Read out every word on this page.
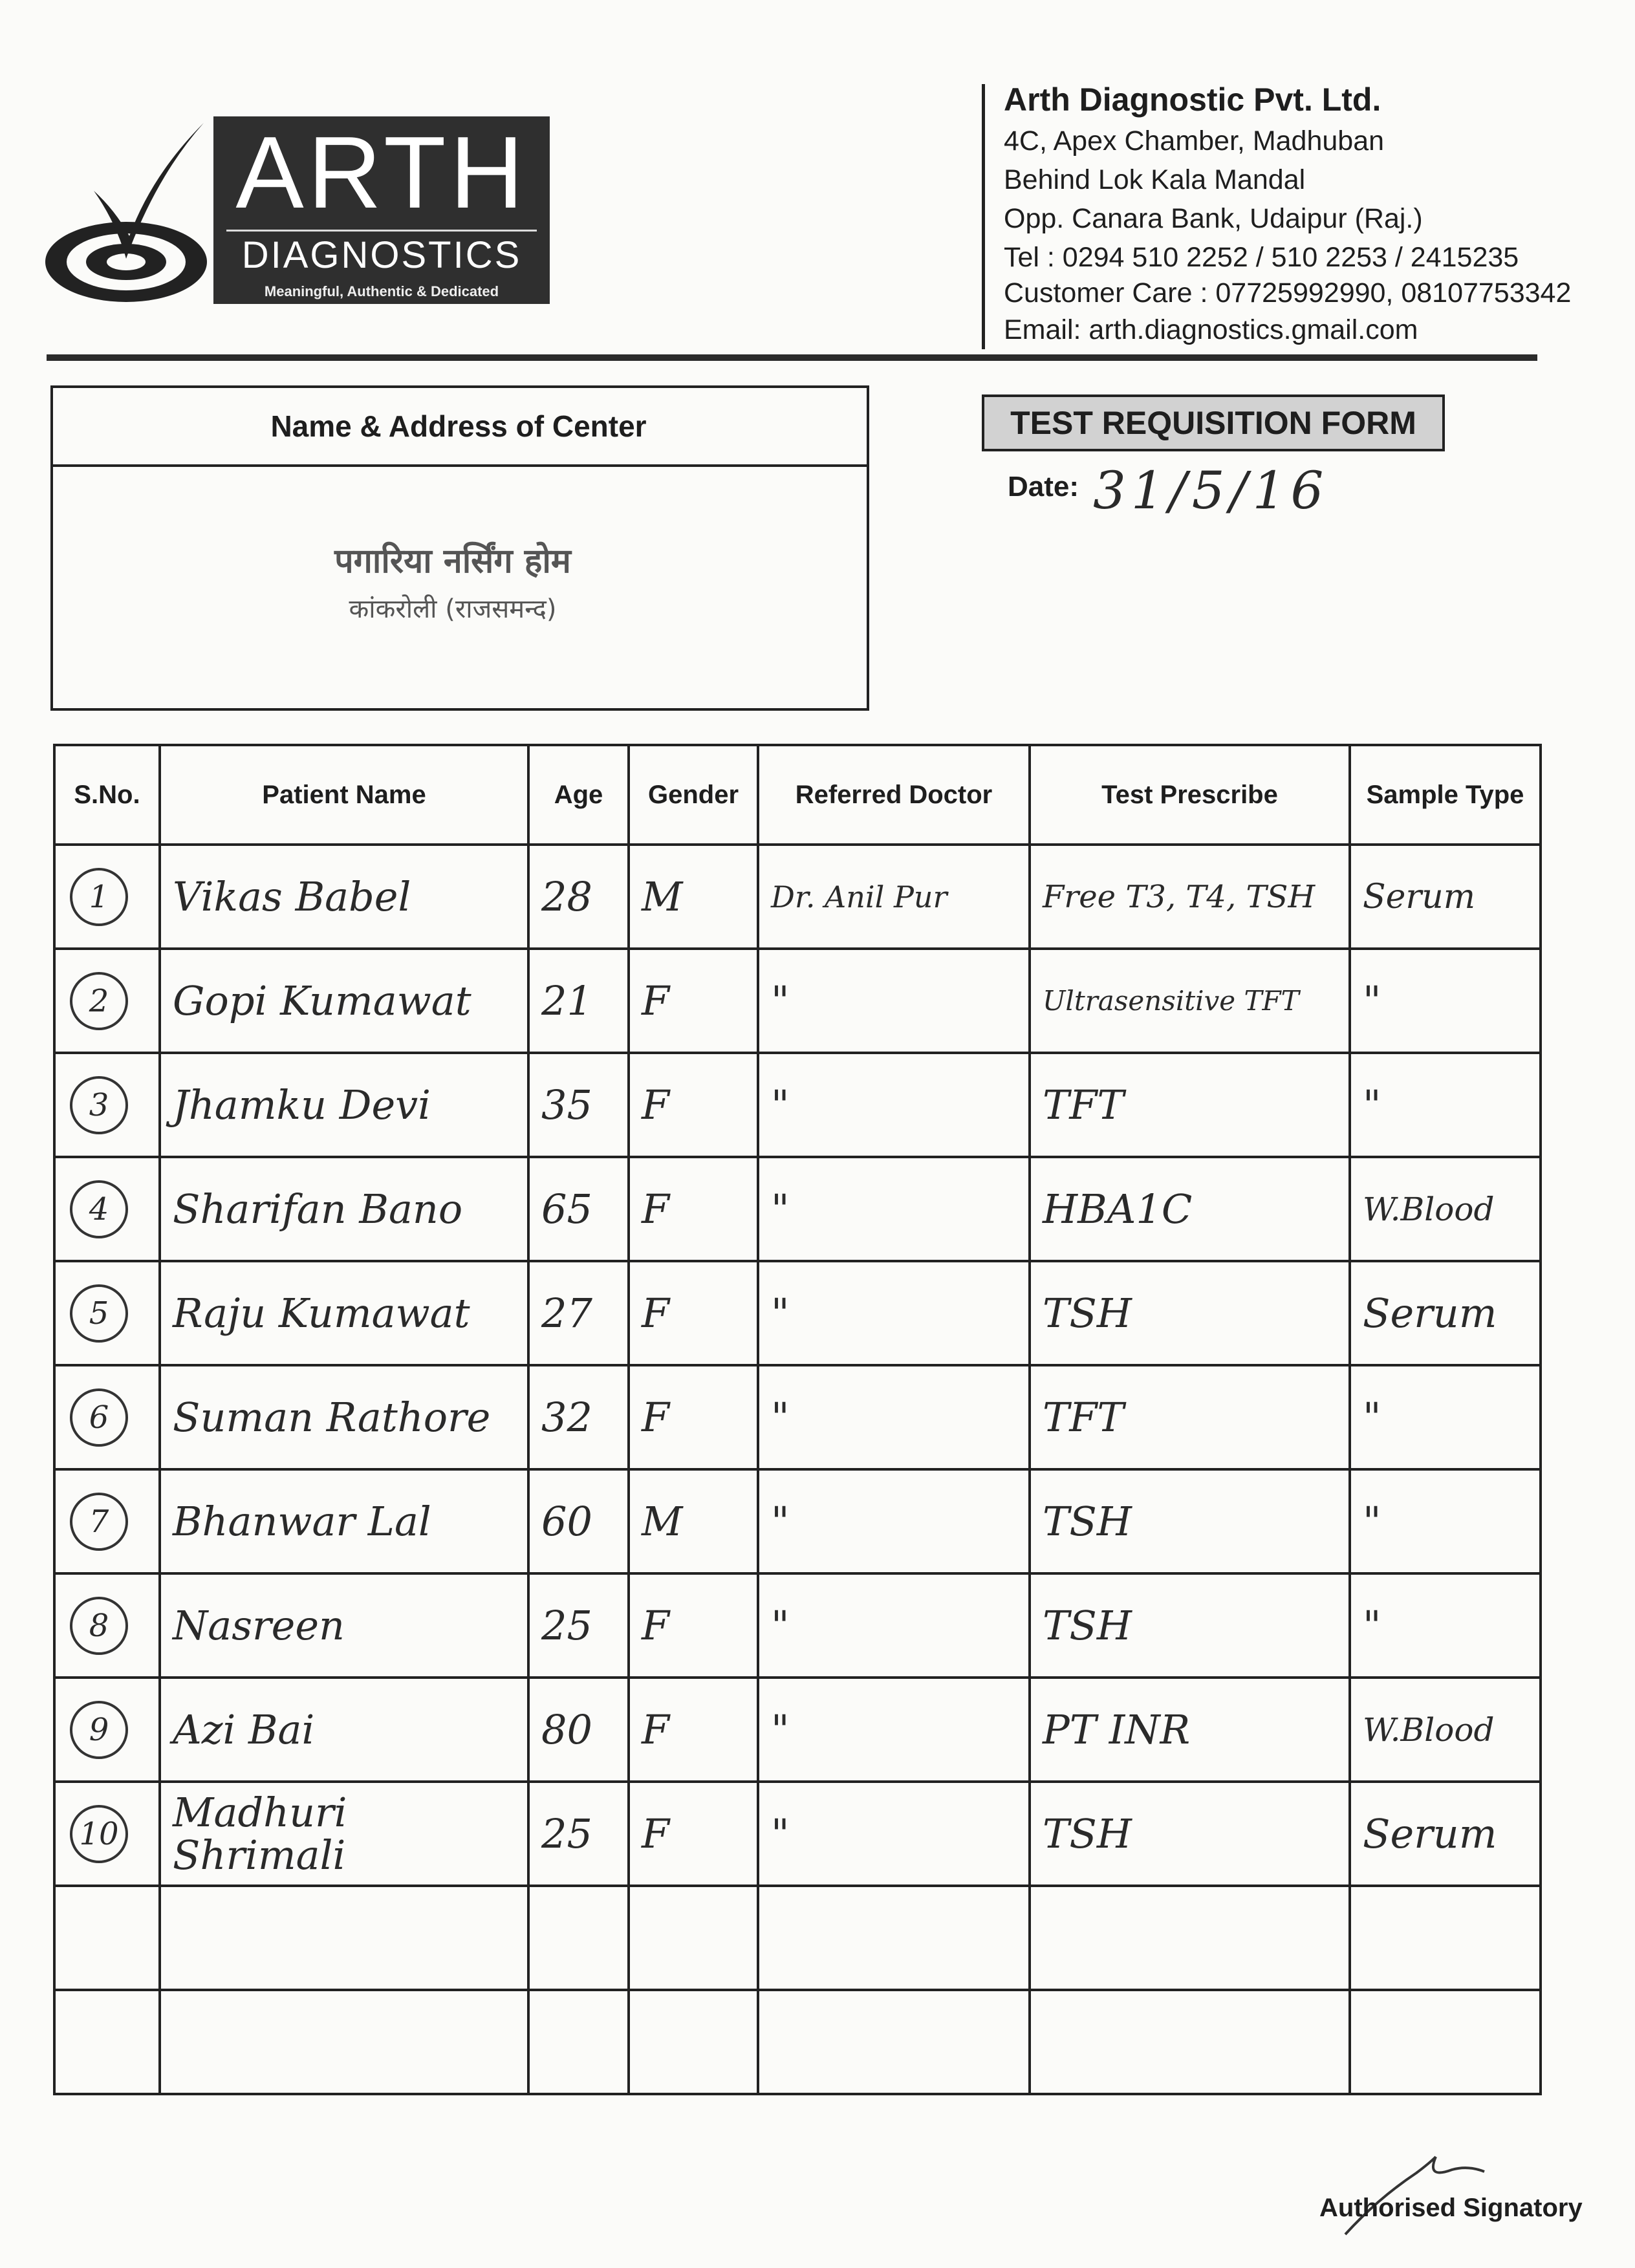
ARTH
DIAGNOSTICS
Meaningful, Authentic & Dedicated
Arth Diagnostic Pvt. Ltd.
4C, Apex Chamber, Madhuban
Behind Lok Kala Mandal
Opp. Canara Bank, Udaipur (Raj.)
Tel : 0294 510 2252 / 510 2253 / 2415235
Customer Care : 07725992990, 08107753342
Email: arth.diagnostics.gmail.com
Name & Address of Center
पगारिया नर्सिंग होम
कांकरोली (राजसमन्द)
TEST REQUISITION FORM
Date: 31/5/16
S.No.	Patient Name	Age	Gender	Referred Doctor	Test Prescribe	Sample Type
1	Vikas Babel	28	M	Dr. Anil Pur	Free T3, T4, TSH	Serum
2	Gopi Kumawat	21	F	"	Ultrasensitive TFT	"
3	Jhamku Devi	35	F	"	TFT	"
4	Sharifan Bano	65	F	"	HBA1C	W.Blood
5	Raju Kumawat	27	F	"	TSH	Serum
6	Suman Rathore	32	F	"	TFT	"
7	Bhanwar Lal	60	M	"	TSH	"
8	Nasreen	25	F	"	TSH	"
9	Azi Bai	80	F	"	PT INR	W.Blood
10	Madhuri Shrimali	25	F	"	TSH	Serum

Authorised Signatory
